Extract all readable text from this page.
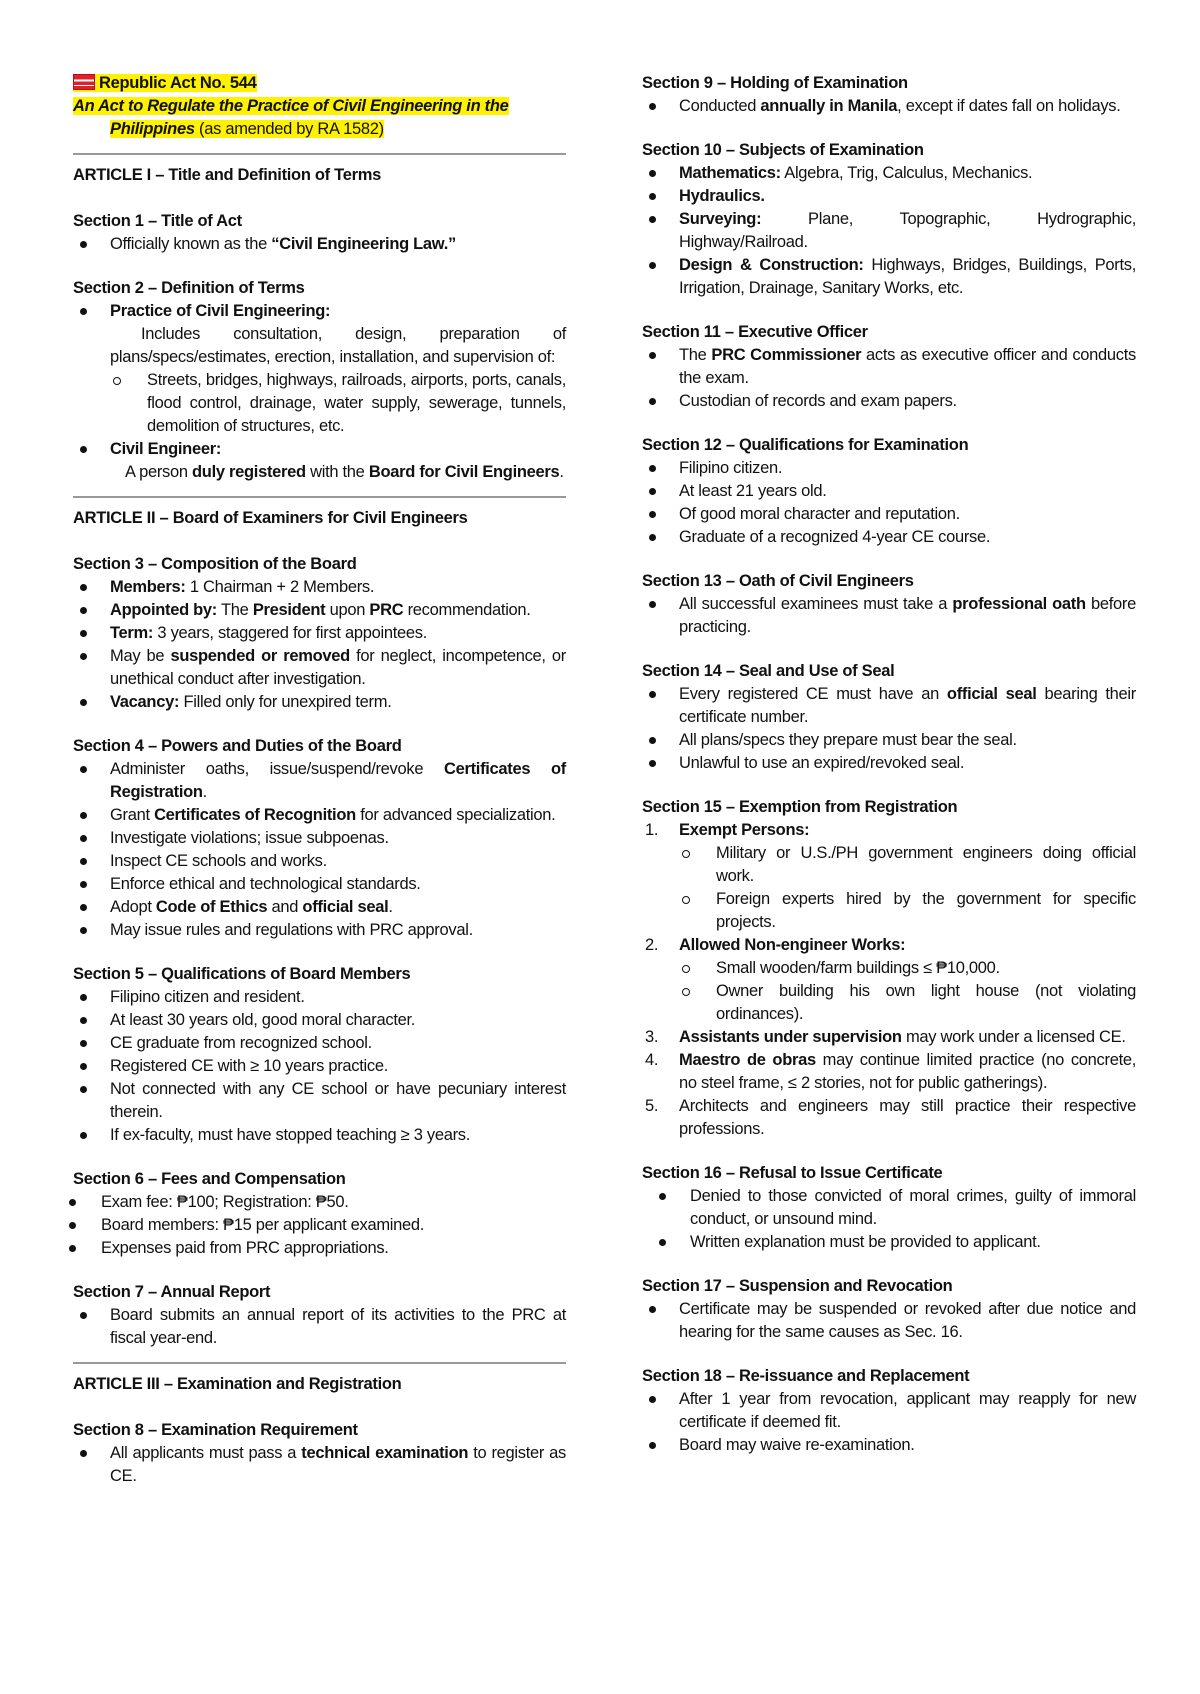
Republic Act No. 544
An Act to Regulate the Practice of Civil Engineering in the
Philippines (as amended by RA 1582)
ARTICLE I – Title and Definition of Terms
Section 1 – Title of Act
Officially known as the “Civil Engineering Law.”
Section 2 – Definition of Terms
Practice of Civil Engineering:
Includes consultation, design, preparation of plans/specs/estimates, erection, installation, and supervision of:
Streets, bridges, highways, railroads, airports, ports, canals, flood control, drainage, water supply, sewerage, tunnels, demolition of structures, etc.
Civil Engineer:
A person duly registered with the Board for Civil Engineers.
ARTICLE II – Board of Examiners for Civil Engineers
Section 3 – Composition of the Board
Members: 1 Chairman + 2 Members.
Appointed by: The President upon PRC recommendation.
Term: 3 years, staggered for first appointees.
May be suspended or removed for neglect, incompetence, or unethical conduct after investigation.
Vacancy: Filled only for unexpired term.
Section 4 – Powers and Duties of the Board
Administer oaths, issue/suspend/revoke Certificates of Registration.
Grant Certificates of Recognition for advanced specialization.
Investigate violations; issue subpoenas.
Inspect CE schools and works.
Enforce ethical and technological standards.
Adopt Code of Ethics and official seal.
May issue rules and regulations with PRC approval.
Section 5 – Qualifications of Board Members
Filipino citizen and resident.
At least 30 years old, good moral character.
CE graduate from recognized school.
Registered CE with ≥ 10 years practice.
Not connected with any CE school or have pecuniary interest therein.
If ex-faculty, must have stopped teaching ≥ 3 years.
Section 6 – Fees and Compensation
Exam fee: ₱100; Registration: ₱50.
Board members: ₱15 per applicant examined.
Expenses paid from PRC appropriations.
Section 7 – Annual Report
Board submits an annual report of its activities to the PRC at fiscal year-end.
ARTICLE III – Examination and Registration
Section 8 – Examination Requirement
All applicants must pass a technical examination to register as CE.
Section 9 – Holding of Examination
Conducted annually in Manila, except if dates fall on holidays.
Section 10 – Subjects of Examination
Mathematics: Algebra, Trig, Calculus, Mechanics.
Hydraulics.
Surveying: Plane, Topographic, Hydrographic, Highway/Railroad.
Design & Construction: Highways, Bridges, Buildings, Ports, Irrigation, Drainage, Sanitary Works, etc.
Section 11 – Executive Officer
The PRC Commissioner acts as executive officer and conducts the exam.
Custodian of records and exam papers.
Section 12 – Qualifications for Examination
Filipino citizen.
At least 21 years old.
Of good moral character and reputation.
Graduate of a recognized 4-year CE course.
Section 13 – Oath of Civil Engineers
All successful examinees must take a professional oath before practicing.
Section 14 – Seal and Use of Seal
Every registered CE must have an official seal bearing their certificate number.
All plans/specs they prepare must bear the seal.
Unlawful to use an expired/revoked seal.
Section 15 – Exemption from Registration
1. Exempt Persons:
Military or U.S./PH government engineers doing official work.
Foreign experts hired by the government for specific projects.
2. Allowed Non-engineer Works:
Small wooden/farm buildings ≤ ₱10,000.
Owner building his own light house (not violating ordinances).
3. Assistants under supervision may work under a licensed CE.
4. Maestro de obras may continue limited practice (no concrete, no steel frame, ≤ 2 stories, not for public gatherings).
5. Architects and engineers may still practice their respective professions.
Section 16 – Refusal to Issue Certificate
Denied to those convicted of moral crimes, guilty of immoral conduct, or unsound mind.
Written explanation must be provided to applicant.
Section 17 – Suspension and Revocation
Certificate may be suspended or revoked after due notice and hearing for the same causes as Sec. 16.
Section 18 – Re-issuance and Replacement
After 1 year from revocation, applicant may reapply for new certificate if deemed fit.
Board may waive re-examination.
